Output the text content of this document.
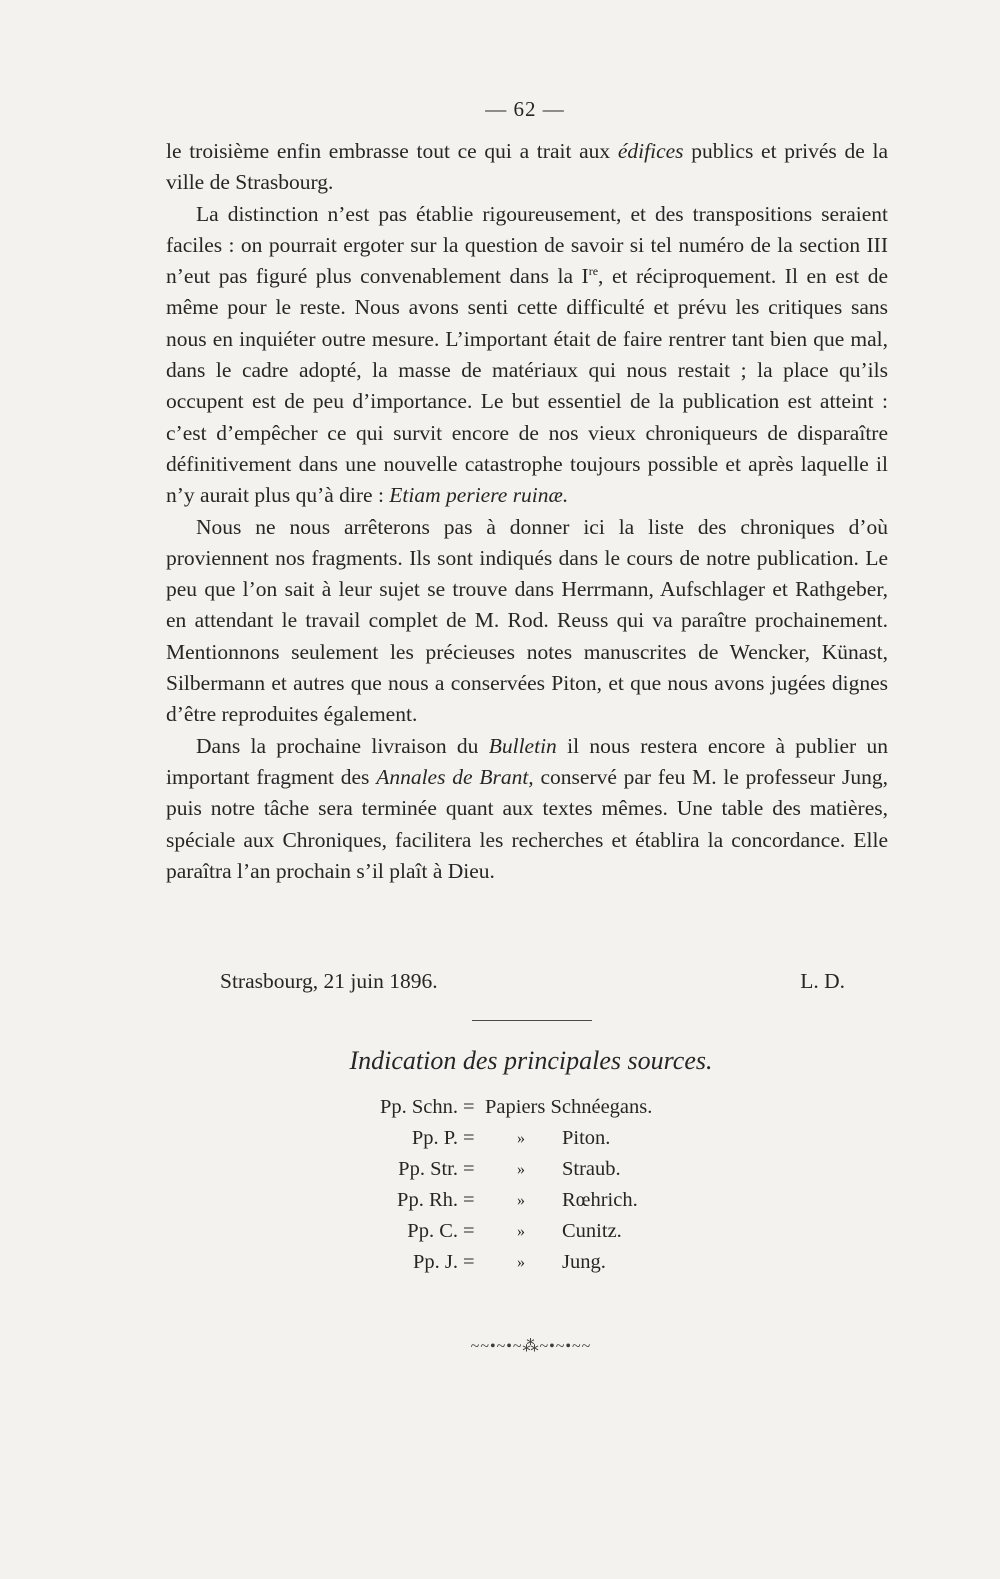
— 62 —

le troisième enfin embrasse tout ce qui a trait aux édifices publics et privés de la ville de Strasbourg.

La distinction n’est pas établie rigoureusement, et des transpositions seraient faciles : on pourrait ergoter sur la question de savoir si tel numéro de la section III n’eut pas figuré plus convenablement dans la Ire, et réciproquement. Il en est de même pour le reste. Nous avons senti cette difficulté et prévu les critiques sans nous en inquiéter outre mesure. L’important était de faire rentrer tant bien que mal, dans le cadre adopté, la masse de matériaux qui nous restait ; la place qu’ils occupent est de peu d’importance. Le but essentiel de la publication est atteint : c’est d’empêcher ce qui survit encore de nos vieux chroniqueurs de disparaître définitivement dans une nouvelle catastrophe toujours possible et après laquelle il n’y aurait plus qu’à dire : Etiam periere ruinæ.

Nous ne nous arrêterons pas à donner ici la liste des chroniques d’où proviennent nos fragments. Ils sont indiqués dans le cours de notre publication. Le peu que l’on sait à leur sujet se trouve dans Herrmann, Aufschlager et Rathgeber, en attendant le travail complet de M. Rod. Reuss qui va paraître prochainement. Mentionnons seulement les précieuses notes manuscrites de Wencker, Künast, Silbermann et autres que nous a conservées Piton, et que nous avons jugées dignes d’être reproduites également.

Dans la prochaine livraison du Bulletin il nous restera encore à publier un important fragment des Annales de Brant, conservé par feu M. le professeur Jung, puis notre tâche sera terminée quant aux textes mêmes. Une table des matières, spéciale aux Chroniques, facilitera les recherches et établira la concordance. Elle paraîtra l’an prochain s’il plaît à Dieu.

Strasbourg, 21 juin 1896.	L. D.
Indication des principales sources.
Pp. Schn. = Papiers Schnéegans.
Pp. P. =	» Piton.
Pp. Str. =	» Straub.
Pp. Rh. =	» Rœhrich.
Pp. C. =	» Cunitz.
Pp. J. =	» Jung.
~~•~•~⁂~•~•~~
